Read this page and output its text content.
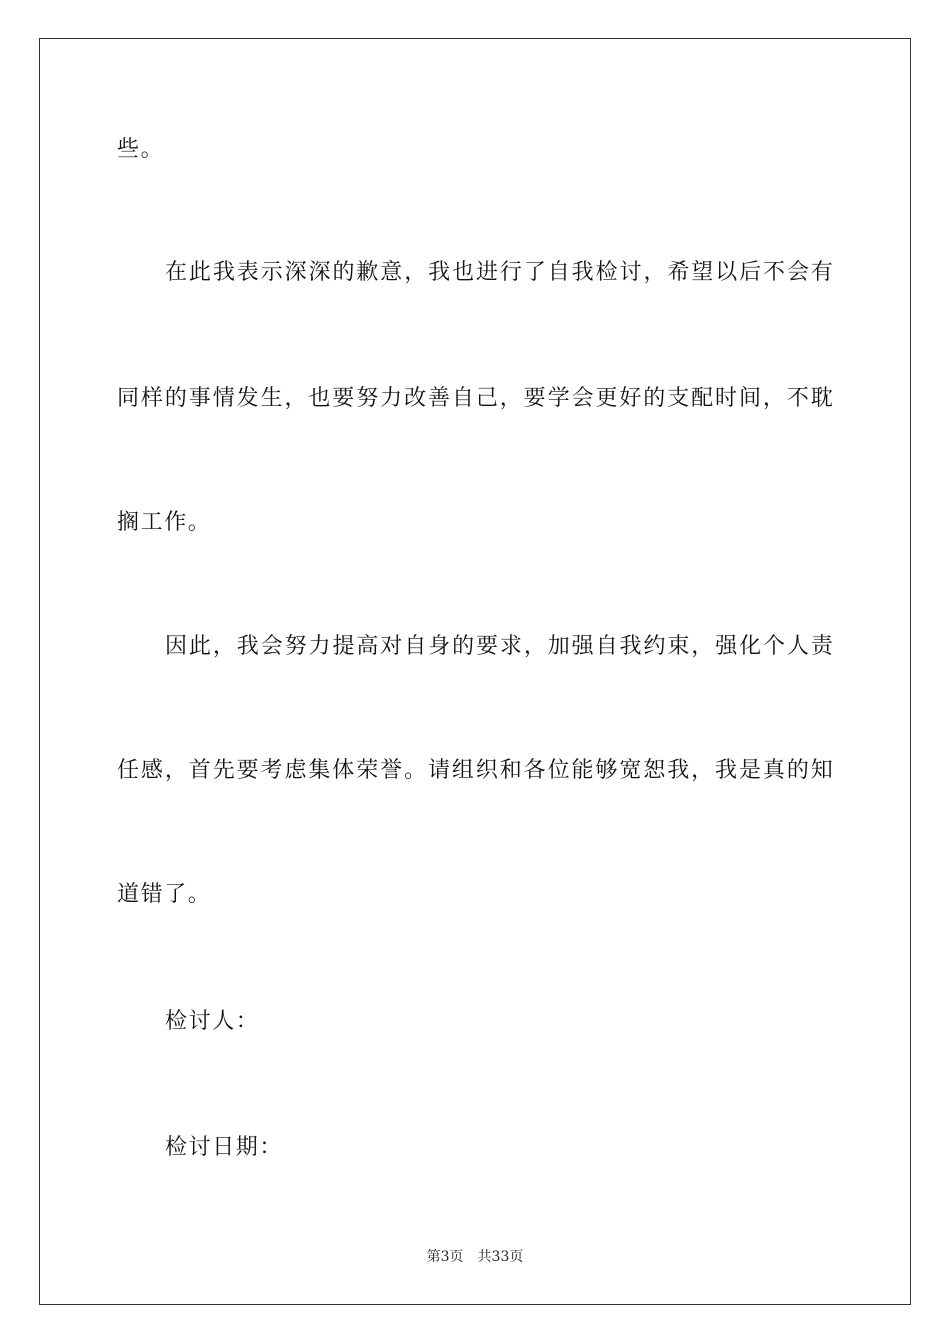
些。
在 此 我 表 示 深 深 的 歉 意 ， 我 也 进 行 了 自 我 检 讨 ， 希 望 以 后 不 会 有
同 样 的 事 情 发 生 ， 也 要 努 力 改 善 自 己 ， 要 学 会 更 好 的 支 配 时 间 ， 不 耽
搁工作。
因 此 ， 我 会 努 力 提 高 对 自 身 的 要 求 ， 加 强 自 我 约 束 ， 强 化 个 人 责
任 感 ， 首 先 要 考 虑 集 体 荣 誉 。 请 组 织 和 各 位 能 够 宽 恕 我 ， 我 是 真 的 知
道错了。
检讨人：
检讨日期：
第3页 共33页
